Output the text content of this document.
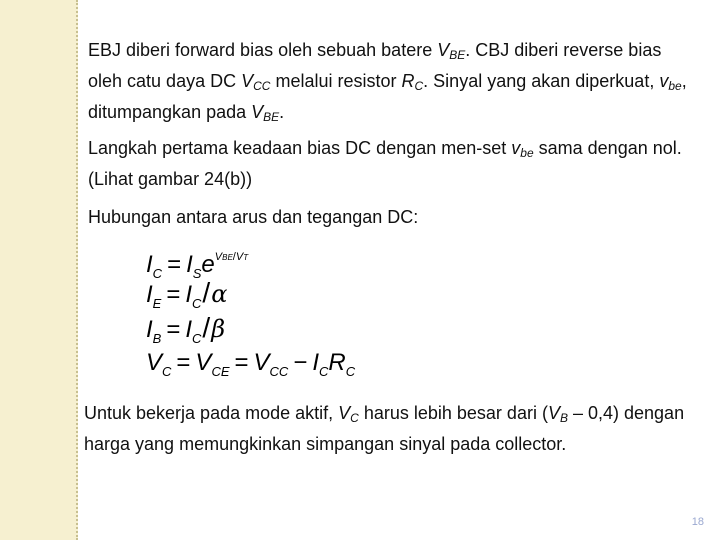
EBJ diberi forward bias oleh sebuah batere $V_{BE}$. CBJ diberi reverse bias oleh catu daya DC $V_{CC}$ melalui resistor $R_C$. Sinyal yang akan diperkuat, $v_{be}$, ditumpangkan pada $V_{BE}$.

Langkah pertama keadaan bias DC dengan men-set $v_{be}$ sama dengan nol. (Lihat gambar 24(b))

Hubungan antara arus dan tegangan DC:

$I_C = I_Se^{VBE/VT}$
$I_E = I_C/\alpha$
$I_B = I_C/\beta$
$V_C = V_{CE} = V_{CC} - I_CR_C$

Untuk bekerja pada mode aktif, $V_C$ harus lebih besar dari $(V_B - 0,4)$ dengan harga yang memungkinkan simpangan sinyal pada collector.

18
